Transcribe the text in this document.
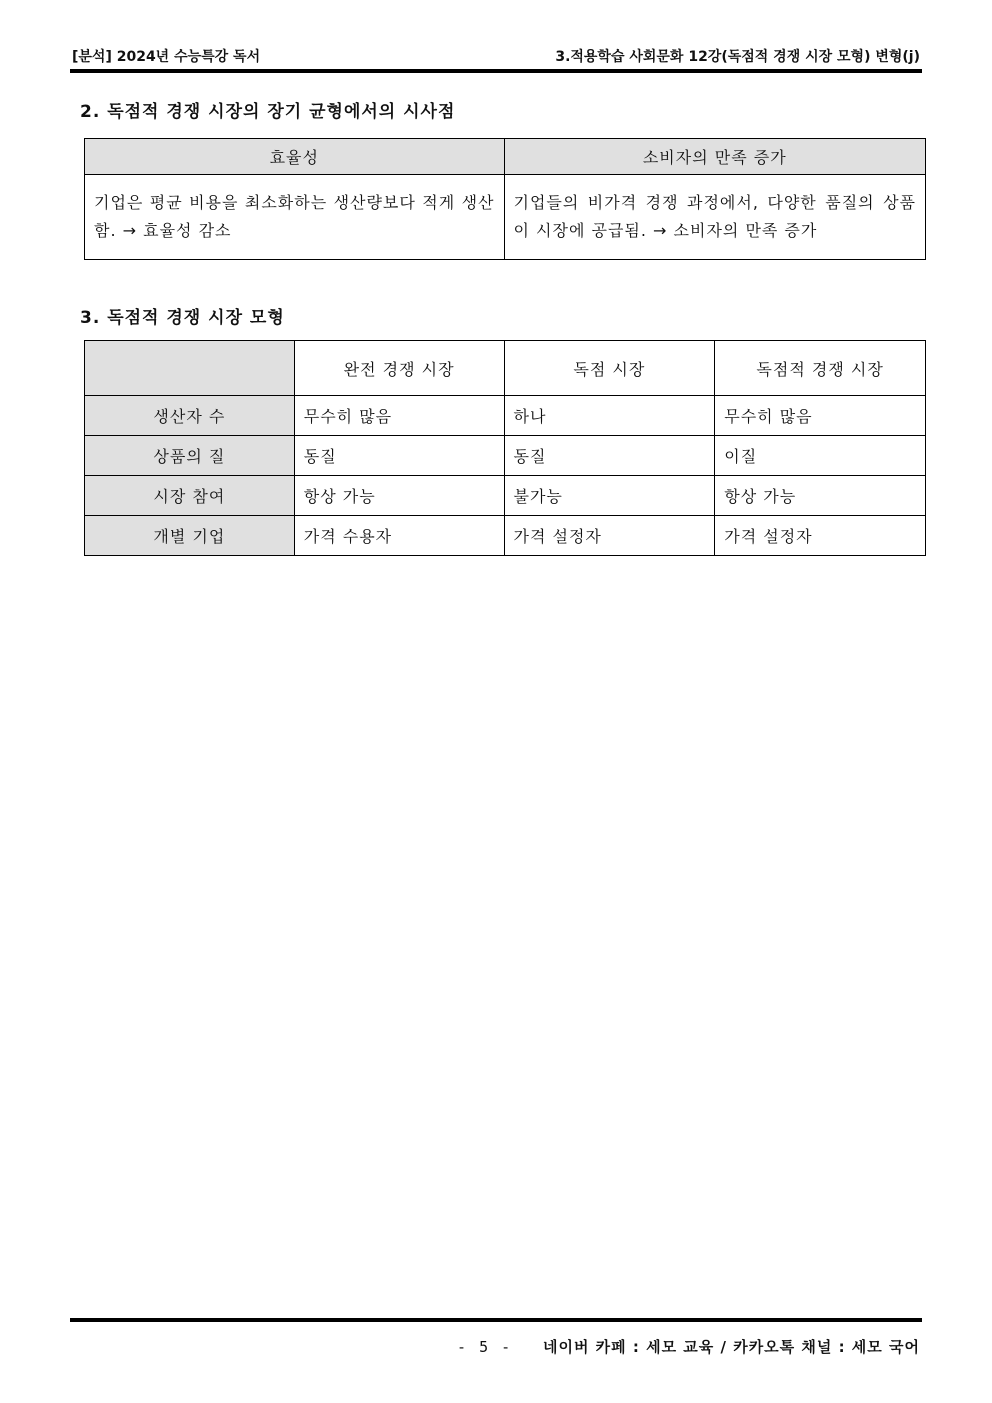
[분석] 2024년 수능특강 독서	3.적용학습 사회문화 12강(독점적 경쟁 시장 모형) 변형(j)
2. 독점적 경쟁 시장의 장기 균형에서의 시사점
효율성	소비자의 만족 증가
기업은 평균 비용을 최소화하는 생산량보다 적게 생산함. → 효율성 감소	기업들의 비가격 경쟁 과정에서, 다양한 품질의 상품이 시장에 공급됨. → 소비자의 만족 증가
3. 독점적 경쟁 시장 모형
	완전 경쟁 시장	독점 시장	독점적 경쟁 시장
생산자 수	무수히 많음	하나	무수히 많음
상품의 질	동질	동질	이질
시장 참여	항상 가능	불가능	항상 가능
개별 기업	가격 수용자	가격 설정자	가격 설정자
- 5 - 네이버 카페 : 세모 교육 / 카카오톡 채널 : 세모 국어
